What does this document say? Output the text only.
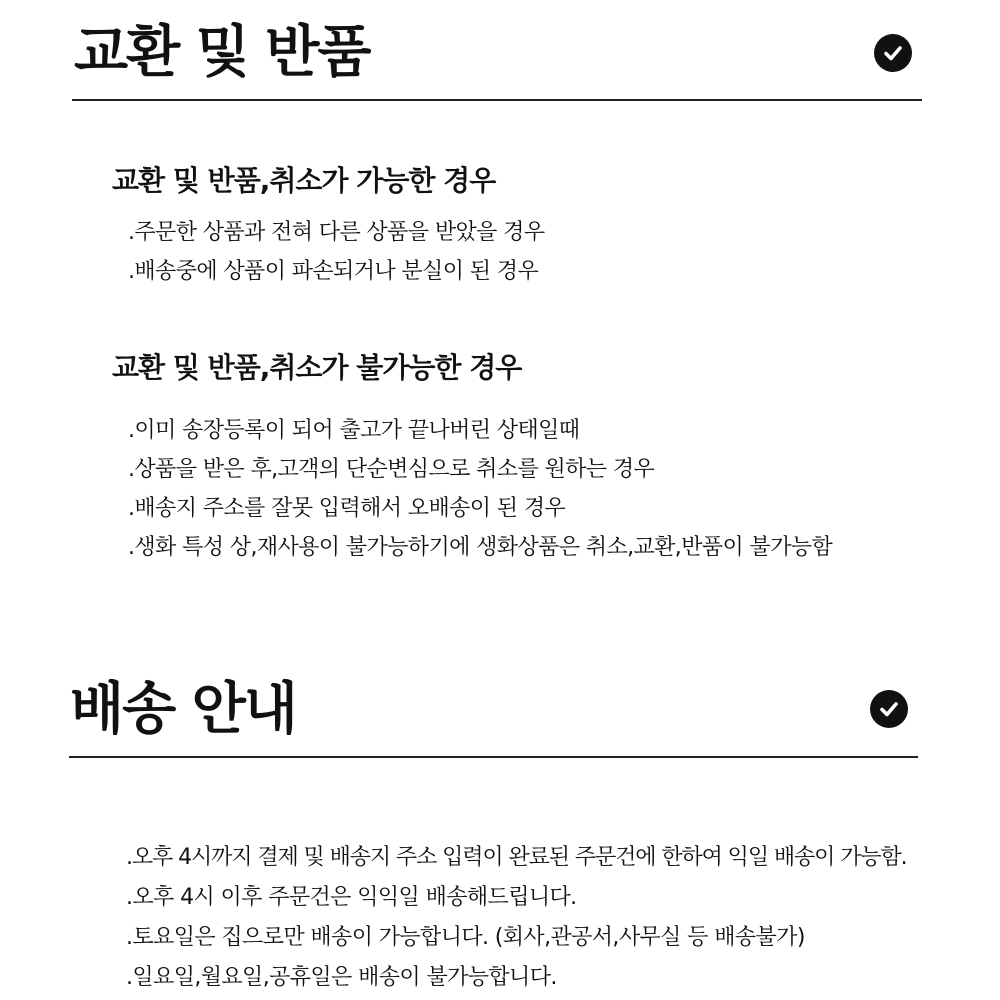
교환 및 반품
교환 및 반품,취소가 가능한 경우

.주문한 상품과 전혀 다른 상품을 받았을 경우

.배송중에 상품이 파손되거나 분실이 된 경우

교환 및 반품,취소가 불가능한 경우

.이미 송장등록이 되어 출고가 끝나버린 상태일때

.상품을 받은 후,고객의 단순변심으로 취소를 원하는 경우

.배송지 주소를 잘못 입력해서 오배송이 된 경우

.생화 특성 상,재사용이 불가능하기에 생화상품은 취소,교환,반품이 불가능함

배송 안내

.오후 4시까지 결제 및 배송지 주소 입력이 완료된 주문건에 한하여 익일 배송이 가능함.

.오후 4시 이후 주문건은 익익일 배송해드립니다.

.토요일은 집으로만 배송이 가능합니다. (회사,관공서,사무실 등 배송불가)

.일요일,월요일,공휴일은 배송이 불가능합니다.
